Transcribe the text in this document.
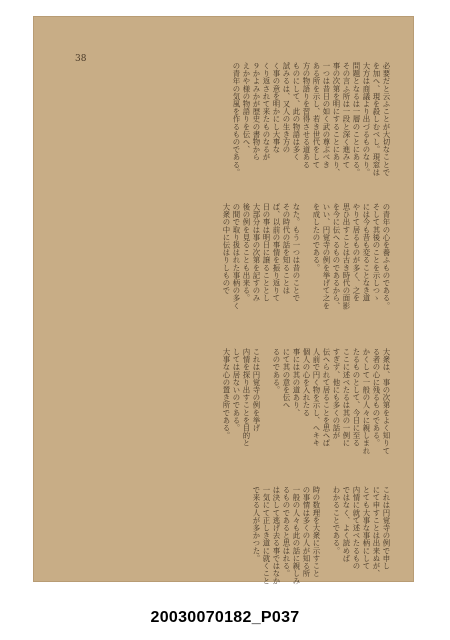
38
必要だと云ふことが大切なことで
を加へ、現を殺しむべし。現窓は
大方は商議より出づるものなり。
問題となるは一層のことにある。
その言ふ所は一段と深く進みて
事の次第を明にすることにあり、
一つは昔日の如く武の尊ぶべき
ある所を示し、若き世代をして
方の物語りを習得させる道ある
ものにして、此の物語は多く
試みるは、又人の生き方の
く事の意を明かにし大事な
くり返されて来たものなるが
９かよみかが歴史の書物から
えかや様の物語りを伝へ、
の青年の気風を作るものである。
の青年の心を養ふものである。
そして其後のことを示しつゝ
には今も昔も変ることなき道
やりて居るものが多く、之を
思ひ出すことは古き時代の面影
を今に伝へるものであるから、
いい、円覚寺の例を挙げて之を
を成したのである。
なた。もう一つは昔のことで
その時代の話を知ることは
ば、以前の事情を振り返りて
日の事は明日に譲ることとし
大部分は事の次第を記すのみ
後の例を見ることも出来る。
の間で取り扱はれた事柄の多く
大衆の中に伝はりしもので
大衆は、事の次第をよく知りて
る者の心に残るものである。
かくして一般の人々に親しまれ
たるものとして、今日に至る
ここに述べたるは其の一例に
すぎず、他にも多くの話が
伝へられて居ることを思へば
人前で円く物を示し、ヘキキ
個人の心を入れたる
事には其の道あり、
にて其の意を伝へ
るのである。
これは円覚寺の例を挙げ
内情を探り出すことを目的と
しては居ないのである。
大事な心の置き所である。
これは円覚寺の例で申し
にて申すことは出来ぬが、
とても大事な事柄にして
内情に就て述べたるもの
ではなく、よく読めば
わかることである。
時の数理を大衆に示すこと
の事情は多くの人が知る所
一般の人々も此の話に親しみ
るものであると思はれる。
は決して逃げ去る事ではなか
一気にて正しき道に就くこと
で来る人が多かつた。
20030070182_P037
